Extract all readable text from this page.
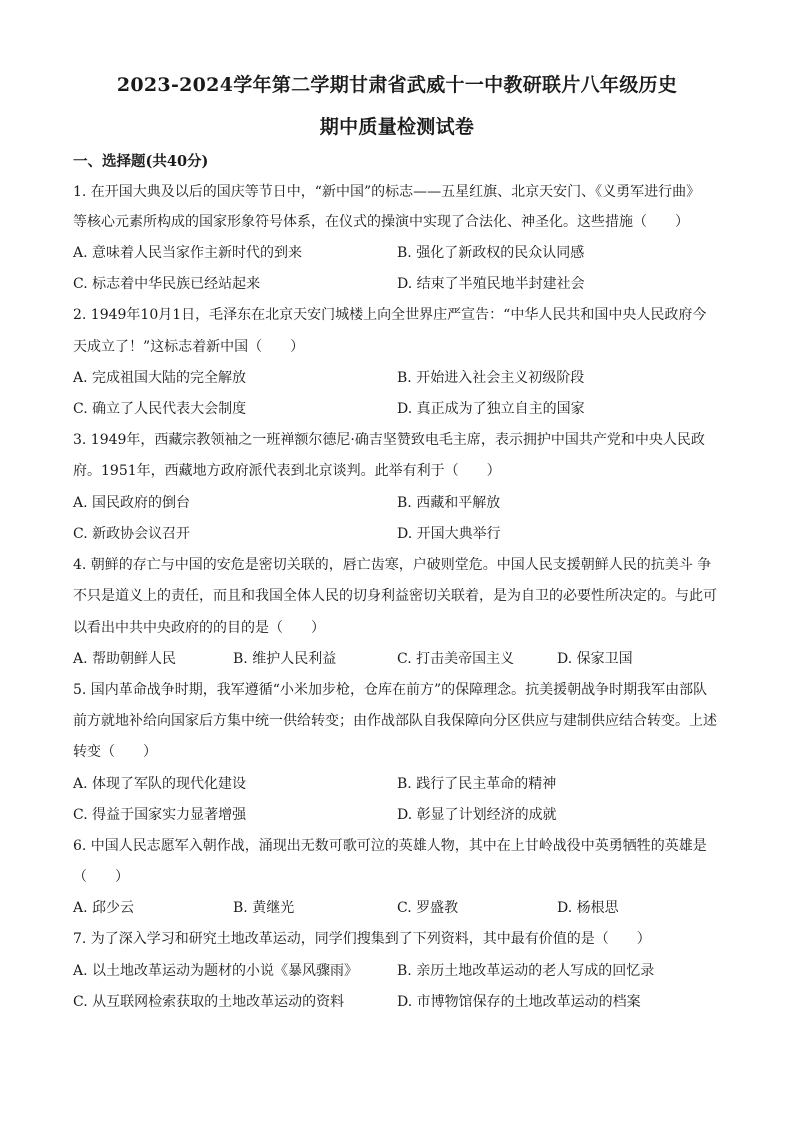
2023-2024学年第二学期甘肃省武威十一中教研联片八年级历史
期中质量检测试卷
一、选择题(共40分)
1. 在开国大典及以后的国庆等节日中，“新中国”的标志——五星红旗、北京天安门、《义勇军进行曲》
等核心元素所构成的国家形象符号体系，在仪式的操演中实现了合法化、神圣化。这些措施（　　）
A. 意味着人民当家作主新时代的到来	B. 强化了新政权的民众认同感
C. 标志着中华民族已经站起来	D. 结束了半殖民地半封建社会
2. 1949年10月1日，毛泽东在北京天安门城楼上向全世界庄严宣告：“中华人民共和国中央人民政府今
天成立了！”这标志着新中国（　　）
A. 完成祖国大陆的完全解放	B. 开始进入社会主义初级阶段
C. 确立了人民代表大会制度	D. 真正成为了独立自主的国家
3. 1949年，西藏宗教领袖之一班禅额尔德尼·确吉坚赞致电毛主席，表示拥护中国共产党和中央人民政
府。1951年，西藏地方政府派代表到北京谈判。此举有利于（　　）
A. 国民政府的倒台	B. 西藏和平解放
C. 新政协会议召开	D. 开国大典举行
4. 朝鲜的存亡与中国的安危是密切关联的，唇亡齿寒，户破则堂危。中国人民支援朝鲜人民的抗美斗 争
不只是道义上的责任，而且和我国全体人民的切身利益密切关联着，是为自卫的必要性所决定的。与此可
以看出中共中央政府的的目的是（　　）
A. 帮助朝鲜人民	B. 维护人民利益	C. 打击美帝国主义	D. 保家卫国
5. 国内革命战争时期，我军遵循“小米加步枪，仓库在前方”的保障理念。抗美援朝战争时期我军由部队
前方就地补给向国家后方集中统一供给转变；由作战部队自我保障向分区供应与建制供应结合转变。上述
转变（　　）
A. 体现了军队的现代化建设	B. 践行了民主革命的精神
C. 得益于国家实力显著增强	D. 彰显了计划经济的成就
6. 中国人民志愿军入朝作战，涌现出无数可歌可泣的英雄人物，其中在上甘岭战役中英勇牺牲的英雄是
（　　）
A. 邱少云	B. 黄继光	C. 罗盛教	D. 杨根思
7. 为了深入学习和研究土地改革运动，同学们搜集到了下列资料，其中最有价值的是（　　）
A. 以土地改革运动为题材的小说《暴风骤雨》	B. 亲历土地改革运动的老人写成的回忆录
C. 从互联网检索获取的土地改革运动的资料	D. 市博物馆保存的土地改革运动的档案
